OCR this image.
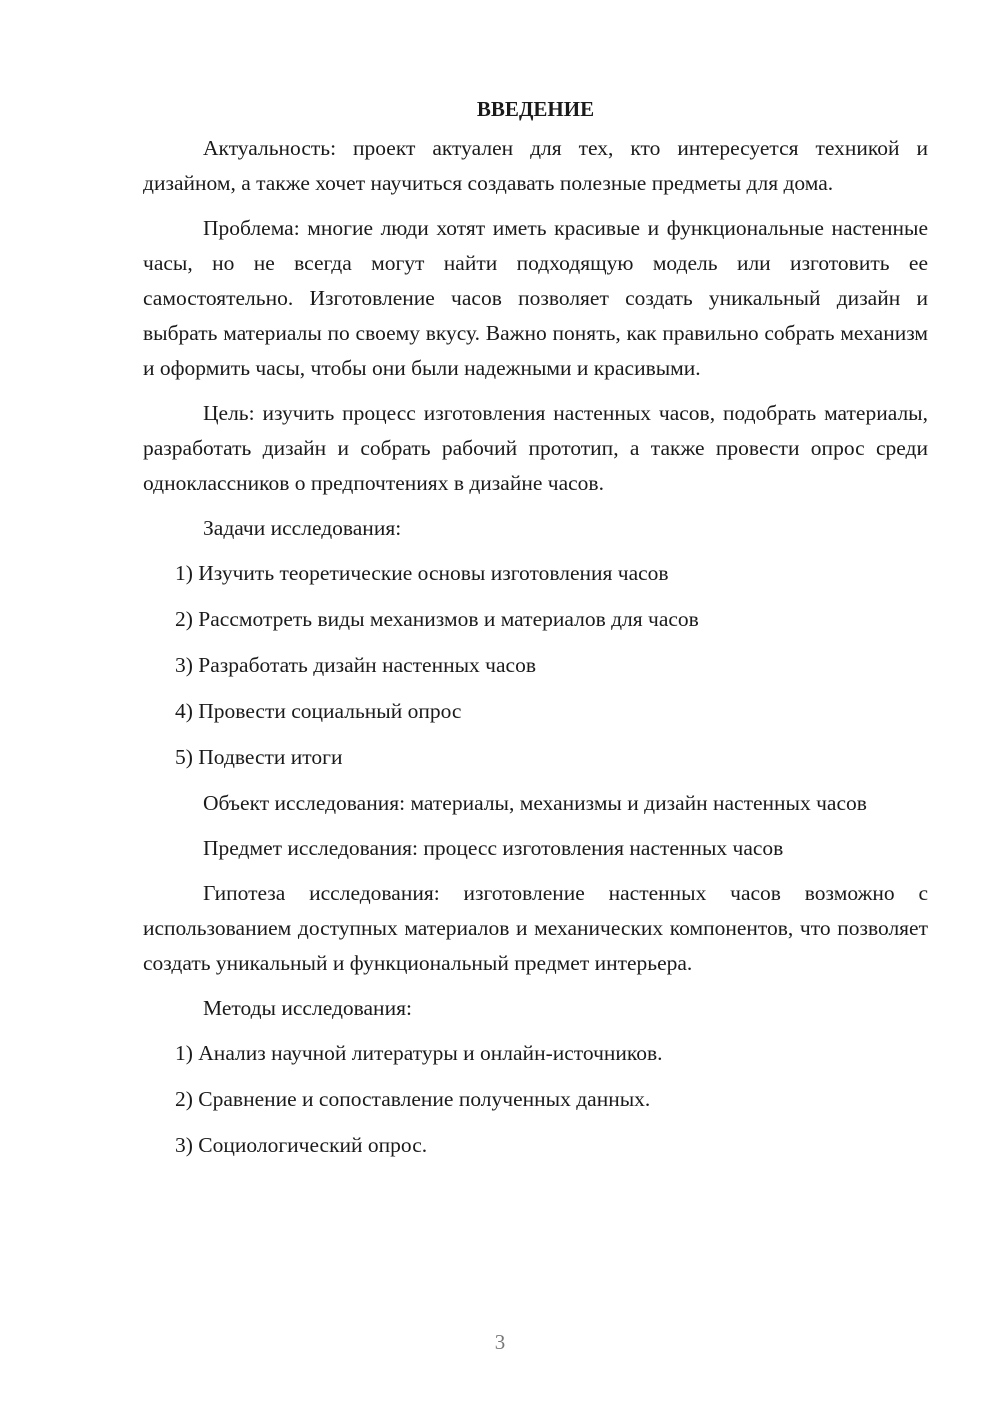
ВВЕДЕНИЕ

Актуальность: проект актуален для тех, кто интересуется техникой и дизайном, а также хочет научиться создавать полезные предметы для дома.

Проблема: многие люди хотят иметь красивые и функциональные настенные часы, но не всегда могут найти подходящую модель или изготовить ее самостоятельно. Изготовление часов позволяет создать уникальный дизайн и выбрать материалы по своему вкусу. Важно понять, как правильно собрать механизм и оформить часы, чтобы они были надежными и красивыми.

Цель: изучить процесс изготовления настенных часов, подобрать материалы, разработать дизайн и собрать рабочий прототип, а также провести опрос среди одноклассников о предпочтениях в дизайне часов.

Задачи исследования:

1) Изучить теоретические основы изготовления часов

2) Рассмотреть виды механизмов и материалов для часов

3) Разработать дизайн настенных часов

4) Провести социальный опрос

5) Подвести итоги

Объект исследования: материалы, механизмы и дизайн настенных часов

Предмет исследования: процесс изготовления настенных часов

Гипотеза исследования: изготовление настенных часов возможно с использованием доступных материалов и механических компонентов, что позволяет создать уникальный и функциональный предмет интерьера.

Методы исследования:

1) Анализ научной литературы и онлайн-источников.

2) Сравнение и сопоставление полученных данных.

3) Социологический опрос.

3
